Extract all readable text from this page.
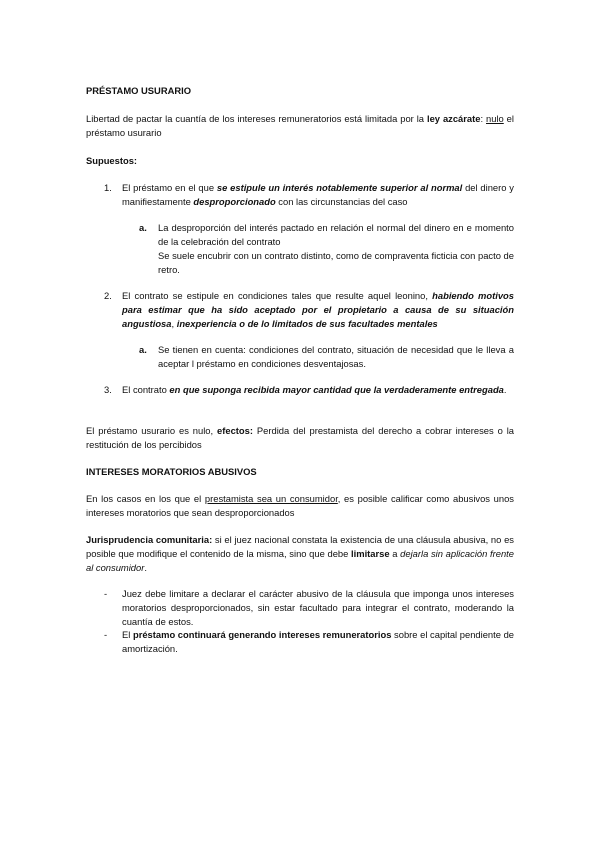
PRÉSTAMO USURARIO

Libertad de pactar la cuantía de los intereses remuneratorios está limitada por la ley azcárate: nulo el préstamo usurario

Supuestos:

1. El préstamo en el que se estipule un interés notablemente superior al normal del dinero y manifiestamente desproporcionado con las circunstancias del caso

a. La desproporción del interés pactado en relación el normal del dinero en e momento de la celebración del contrato

Se suele encubrir con un contrato distinto, como de compraventa ficticia con pacto de retro.

2. El contrato se estipule en condiciones tales que resulte aquel leonino, habiendo motivos para estimar que ha sido aceptado por el propietario a causa de su situación angustiosa, inexperiencia o de lo limitados de sus facultades mentales

a. Se tienen en cuenta: condiciones del contrato, situación de necesidad que le lleva a aceptar l préstamo en condiciones desventajosas.

3. El contrato en que suponga recibida mayor cantidad que la verdaderamente entregada.

El préstamo usurario es nulo, efectos: Perdida del prestamista del derecho a cobrar intereses o la restitución de los percibidos

INTERESES MORATORIOS ABUSIVOS

En los casos en los que el prestamista sea un consumidor, es posible calificar como abusivos unos intereses moratorios que sean desproporcionados

Jurisprudencia comunitaria: si el juez nacional constata la existencia de una cláusula abusiva, no es posible que modifique el contenido de la misma, sino que debe limitarse a dejarla sin aplicación frente al consumidor.

- Juez debe limitare a declarar el carácter abusivo de la cláusula que imponga unos intereses moratorios desproporcionados, sin estar facultado para integrar el contrato, moderando la cuantía de estos.

- El préstamo continuará generando intereses remuneratorios sobre el capital pendiente de amortización.
